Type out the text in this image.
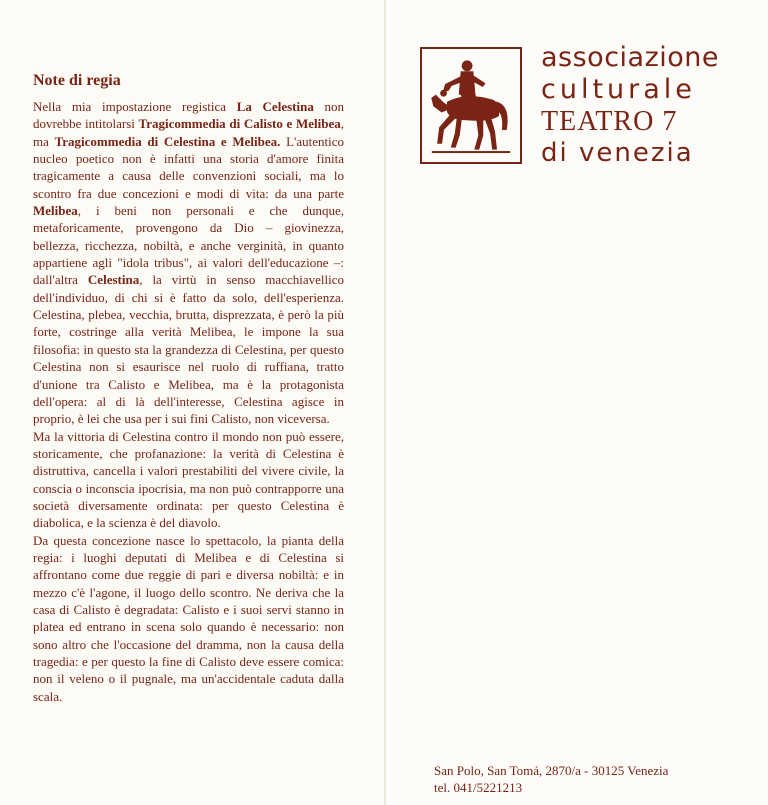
Note di regia

Nella mia impostazione registica La Celestina non dovrebbe intitolarsi Tragicommedia di Calisto e Melibea, ma Tragicommedia di Celestina e Melibea. L'autentico nucleo poetico non è infatti una storia d'amore finita tragicamente a causa delle convenzioni sociali, ma lo scontro fra due concezioni e modi di vita: da una parte Melibea, i beni non personali e che dunque, metaforicamente, provengono da Dio – giovinezza, bellezza, ricchezza, nobiltà, e anche verginità, in quanto appartiene agli "idola tribus", ai valori dell'educazione –: dall'altra Celestina, la virtù in senso macchiavellico dell'individuo, di chi si è fatto da solo, dell'esperienza. Celestina, plebea, vecchia, brutta, disprezzata, è però la più forte, costringe alla verità Melibea, le impone la sua filosofia: in questo sta la grandezza di Celestina, per questo Celestina non si esaurisce nel ruolo di ruffiana, tratto d'unione tra Calisto e Melibea, ma è la protagonista dell'opera: al di là dell'interesse, Celestina agisce in proprio, è lei che usa per i sui fini Calisto, non viceversa.

Ma la vittoria di Celestina contro il mondo non può essere, storicamente, che profanazione: la verità di Celestina è distruttiva, cancella i valori prestabiliti del vivere civile, la conscia o inconscia ipocrisia, ma non può contrapporre una società diversamente ordinata: per questo Celestina è diabolica, e la scienza è del diavolo.

Da questa concezione nasce lo spettacolo, la pianta della regia: i luoghi deputati di Melibea e di Celestina si affrontano come due reggie di pari e diversa nobiltà: e in mezzo c'è l'agone, il luogo dello scontro. Ne deriva che la casa di Calisto è degradata: Calisto e i suoi servi stanno in platea ed entrano in scena solo quando è necessario: non sono altro che l'occasione del dramma, non la causa della tragedia: e per questo la fine di Calisto deve essere comica: non il veleno o il pugnale, ma un'accidentale caduta dalla scala.

associazione
culturale
TEATRO 7
di venezia
San Polo, San Tomá, 2870/a - 30125 Venezia
tel. 041/5221213
